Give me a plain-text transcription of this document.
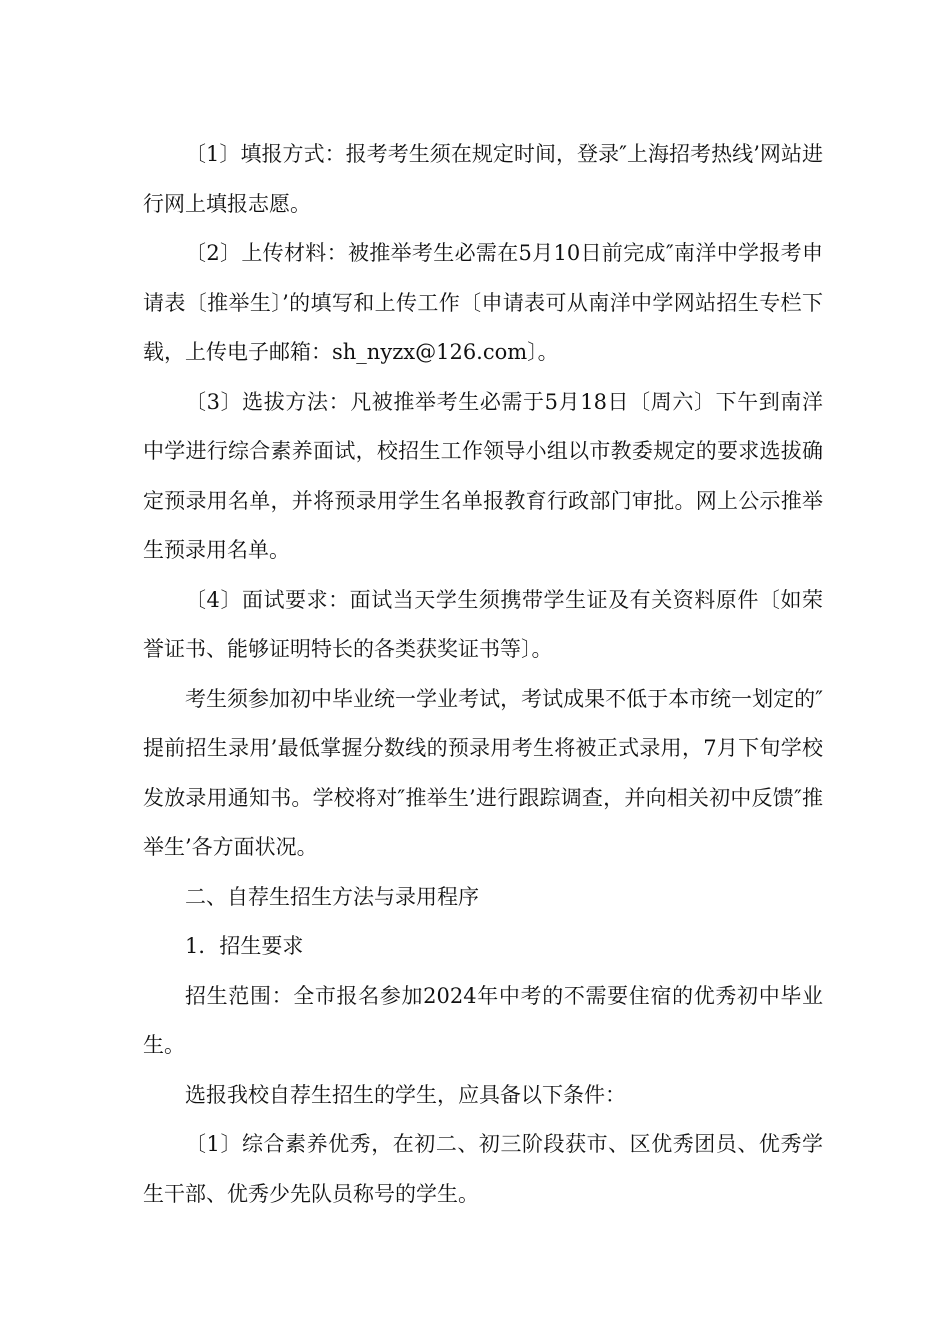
〔1〕填报方式：报考考生须在规定时间，登录″上海招考热线’网站进行网上填报志愿。

〔2〕上传材料：被推举考生必需在5月10日前完成″南洋中学报考申请表〔推举生〕’的填写和上传工作〔申请表可从南洋中学网站招生专栏下载，上传电子邮箱：sh_nyzx@126.com〕。

〔3〕选拔方法：凡被推举考生必需于5月18日〔周六〕下午到南洋中学进行综合素养面试，校招生工作领导小组以市教委规定的要求选拔确定预录用名单，并将预录用学生名单报教育行政部门审批。网上公示推举生预录用名单。

〔4〕面试要求：面试当天学生须携带学生证及有关资料原件〔如荣誉证书、能够证明特长的各类获奖证书等〕。

考生须参加初中毕业统一学业考试，考试成果不低于本市统一划定的″提前招生录用’最低掌握分数线的预录用考生将被正式录用，7月下旬学校发放录用通知书。学校将对″推举生’进行跟踪调查，并向相关初中反馈″推举生’各方面状况。

二、自荐生招生方法与录用程序

1．招生要求

招生范围：全市报名参加2024年中考的不需要住宿的优秀初中毕业生。

选报我校自荐生招生的学生，应具备以下条件：

〔1〕综合素养优秀，在初二、初三阶段获市、区优秀团员、优秀学生干部、优秀少先队员称号的学生。
